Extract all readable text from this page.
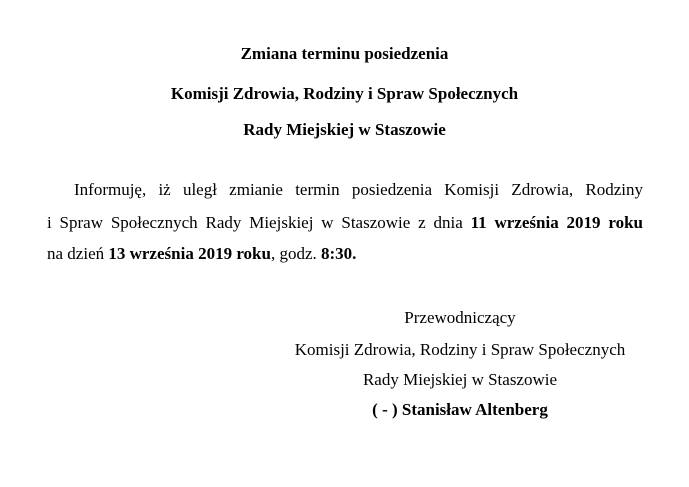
Zmiana terminu posiedzenia
Komisji Zdrowia, Rodziny i Spraw Społecznych
Rady Miejskiej w Staszowie
Informuję, iż uległ zmianie termin posiedzenia Komisji Zdrowia, Rodziny
i Spraw Społecznych Rady Miejskiej w Staszowie z dnia 11 września 2019 roku
na dzień 13 września 2019 roku, godz. 8:30.
Przewodniczący
Komisji Zdrowia, Rodziny i Spraw Społecznych
Rady Miejskiej w Staszowie
( - ) Stanisław Altenberg
